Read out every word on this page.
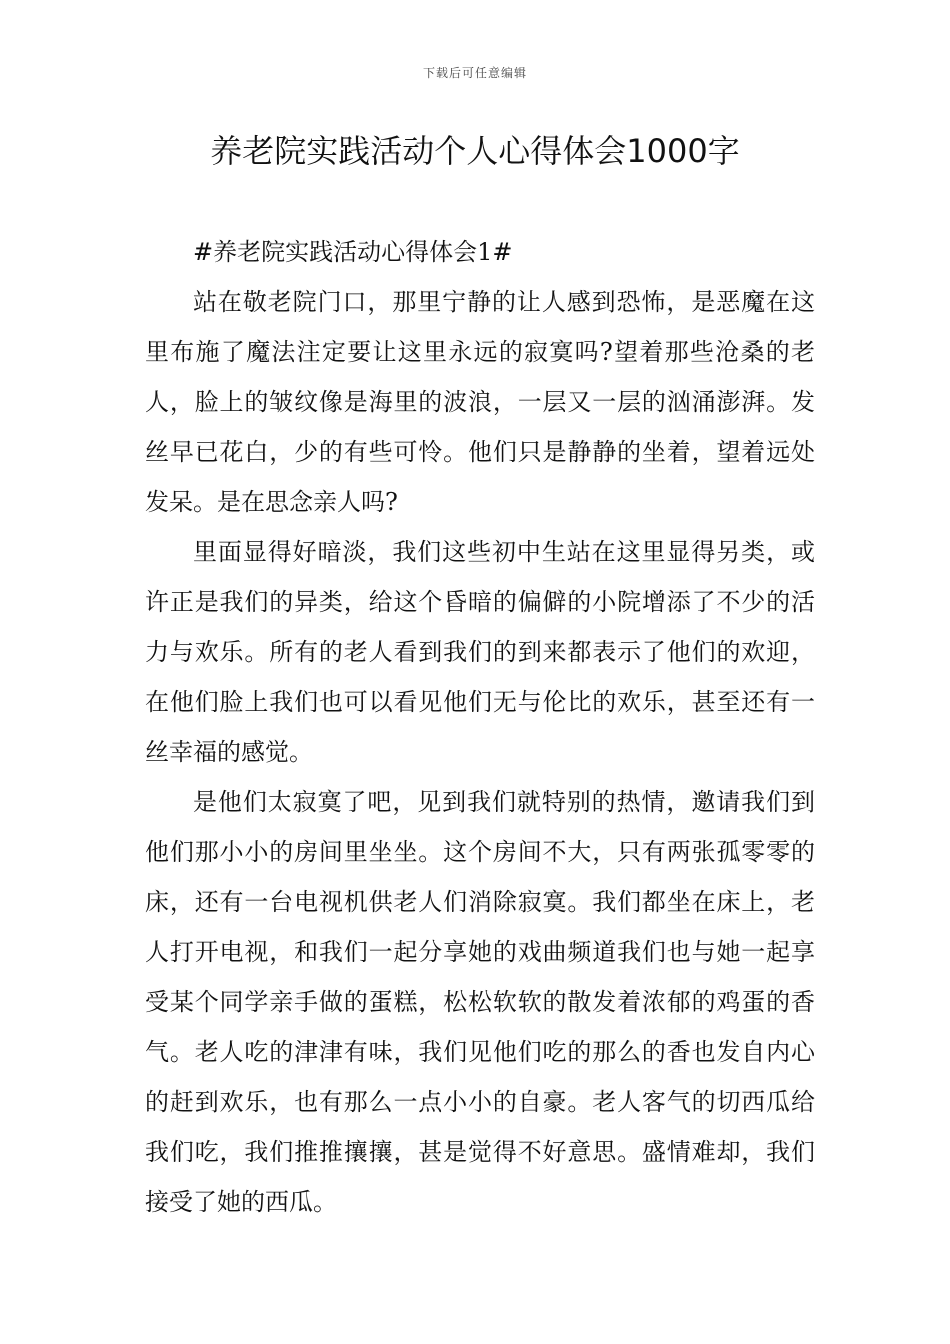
下载后可任意编辑
养老院实践活动个人心得体会1000字
#养老院实践活动心得体会1#

站在敬老院门口，那里宁静的让人感到恐怖，是恶魔在这里布施了魔法注定要让这里永远的寂寞吗?望着那些沧桑的老人，脸上的皱纹像是海里的波浪，一层又一层的汹涌澎湃。发丝早已花白，少的有些可怜。他们只是静静的坐着，望着远处发呆。是在思念亲人吗?

里面显得好暗淡，我们这些初中生站在这里显得另类，或许正是我们的异类，给这个昏暗的偏僻的小院增添了不少的活力与欢乐。所有的老人看到我们的到来都表示了他们的欢迎，在他们脸上我们也可以看见他们无与伦比的欢乐，甚至还有一丝幸福的感觉。

是他们太寂寞了吧，见到我们就特别的热情，邀请我们到他们那小小的房间里坐坐。这个房间不大，只有两张孤零零的床，还有一台电视机供老人们消除寂寞。我们都坐在床上，老人打开电视，和我们一起分享她的戏曲频道我们也与她一起享受某个同学亲手做的蛋糕，松松软软的散发着浓郁的鸡蛋的香气。老人吃的津津有味，我们见他们吃的那么的香也发自内心的赶到欢乐，也有那么一点小小的自豪。老人客气的切西瓜给我们吃，我们推推攘攘，甚是觉得不好意思。盛情难却，我们接受了她的西瓜。
